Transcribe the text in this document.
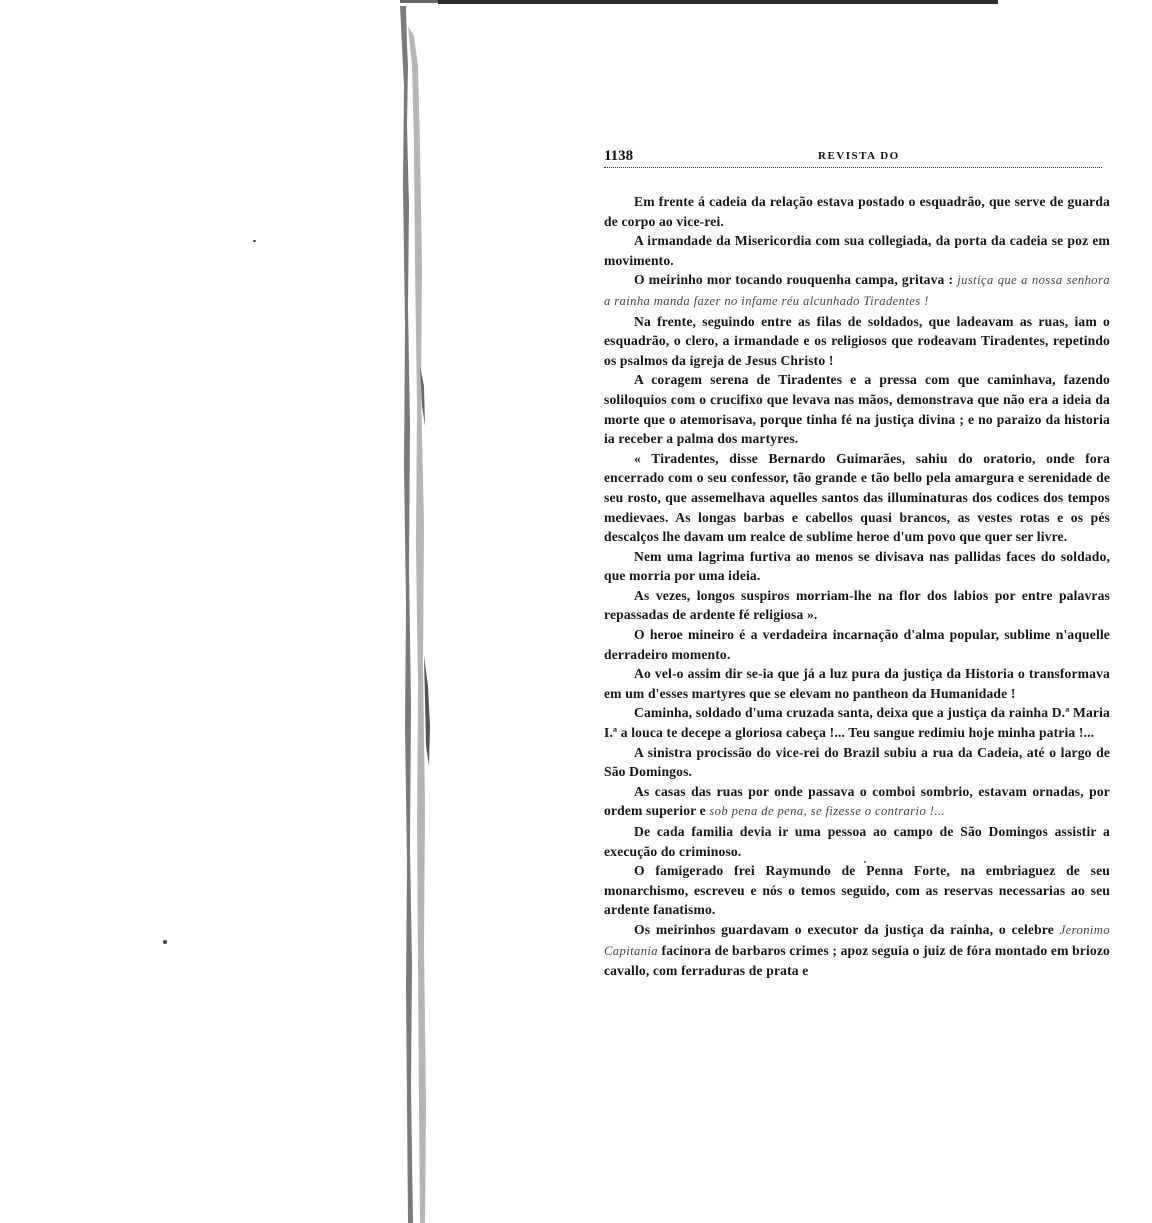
1138	REVISTA DO

Em frente á cadeia da relação estava postado o esquadrão, que serve de guarda de corpo ao vice-rei.

A irmandade da Misericordia com sua collegiada, da porta da cadeia se poz em movimento.

O meirinho mor tocando rouquenha campa, gritava : justiça que a nossa senhora a rainha manda fazer no infame réu alcunhado Tiradentes !

Na frente, seguindo entre as filas de soldados, que ladeavam as ruas, iam o esquadrão, o clero, a irmandade e os religiosos que rodeavam Tiradentes, repetindo os psalmos da igreja de Jesus Christo !

A coragem serena de Tiradentes e a pressa com que caminhava, fazendo soliloquios com o crucifixo que levava nas mãos, demonstrava que não era a ideia da morte que o atemorisava, porque tinha fé na justiça divina ; e no paraizo da historia ia receber a palma dos martyres.

« Tiradentes, disse Bernardo Guimarães, sahiu do oratorio, onde fora encerrado com o seu confessor, tão grande e tão bello pela amargura e serenidade de seu rosto, que assemelhava aquelles santos das illuminaturas dos codices dos tempos medievaes. As longas barbas e cabellos quasi brancos, as vestes rotas e os pés descalços lhe davam um realce de sublime heroe d'um povo que quer ser livre.

Nem uma lagrima furtiva ao menos se divisava nas pallidas faces do soldado, que morria por uma ideia.

As vezes, longos suspiros morriam-lhe na flor dos labios por entre palavras repassadas de ardente fé religiosa ».

O heroe mineiro é a verdadeira incarnação d'alma popular, sublime n'aquelle derradeiro momento.

Ao vel-o assim dir se-ia que já a luz pura da justiça da Historia o transformava em um d'esses martyres que se elevam no pantheon da Humanidade !

Caminha, soldado d'uma cruzada santa, deixa que a justiça da rainha D.ª Maria I.ª a louca te decepe a gloriosa cabeça !... Teu sangue redimiu hoje minha patria !...

A sinistra procissão do vice-rei do Brazil subiu a rua da Cadeia, até o largo de São Domingos.

As casas das ruas por onde passava o comboi sombrio, estavam ornadas, por ordem superior e sob pena de pena, se fizesse o contrario !...

De cada familia devia ir uma pessoa ao campo de São Domingos assistir a execução do criminoso.

O famigerado frei Raymundo de Penna Forte, na embriaguez de seu monarchismo, escreveu e nós o temos seguido, com as reservas necessarias ao seu ardente fanatismo.

Os meirinhos guardavam o executor da justiça da rainha, o celebre Jeronimo Capitania facinora de barbaros crimes ; apoz seguia o juiz de fóra montado em briozo cavallo, com ferraduras de prata e
